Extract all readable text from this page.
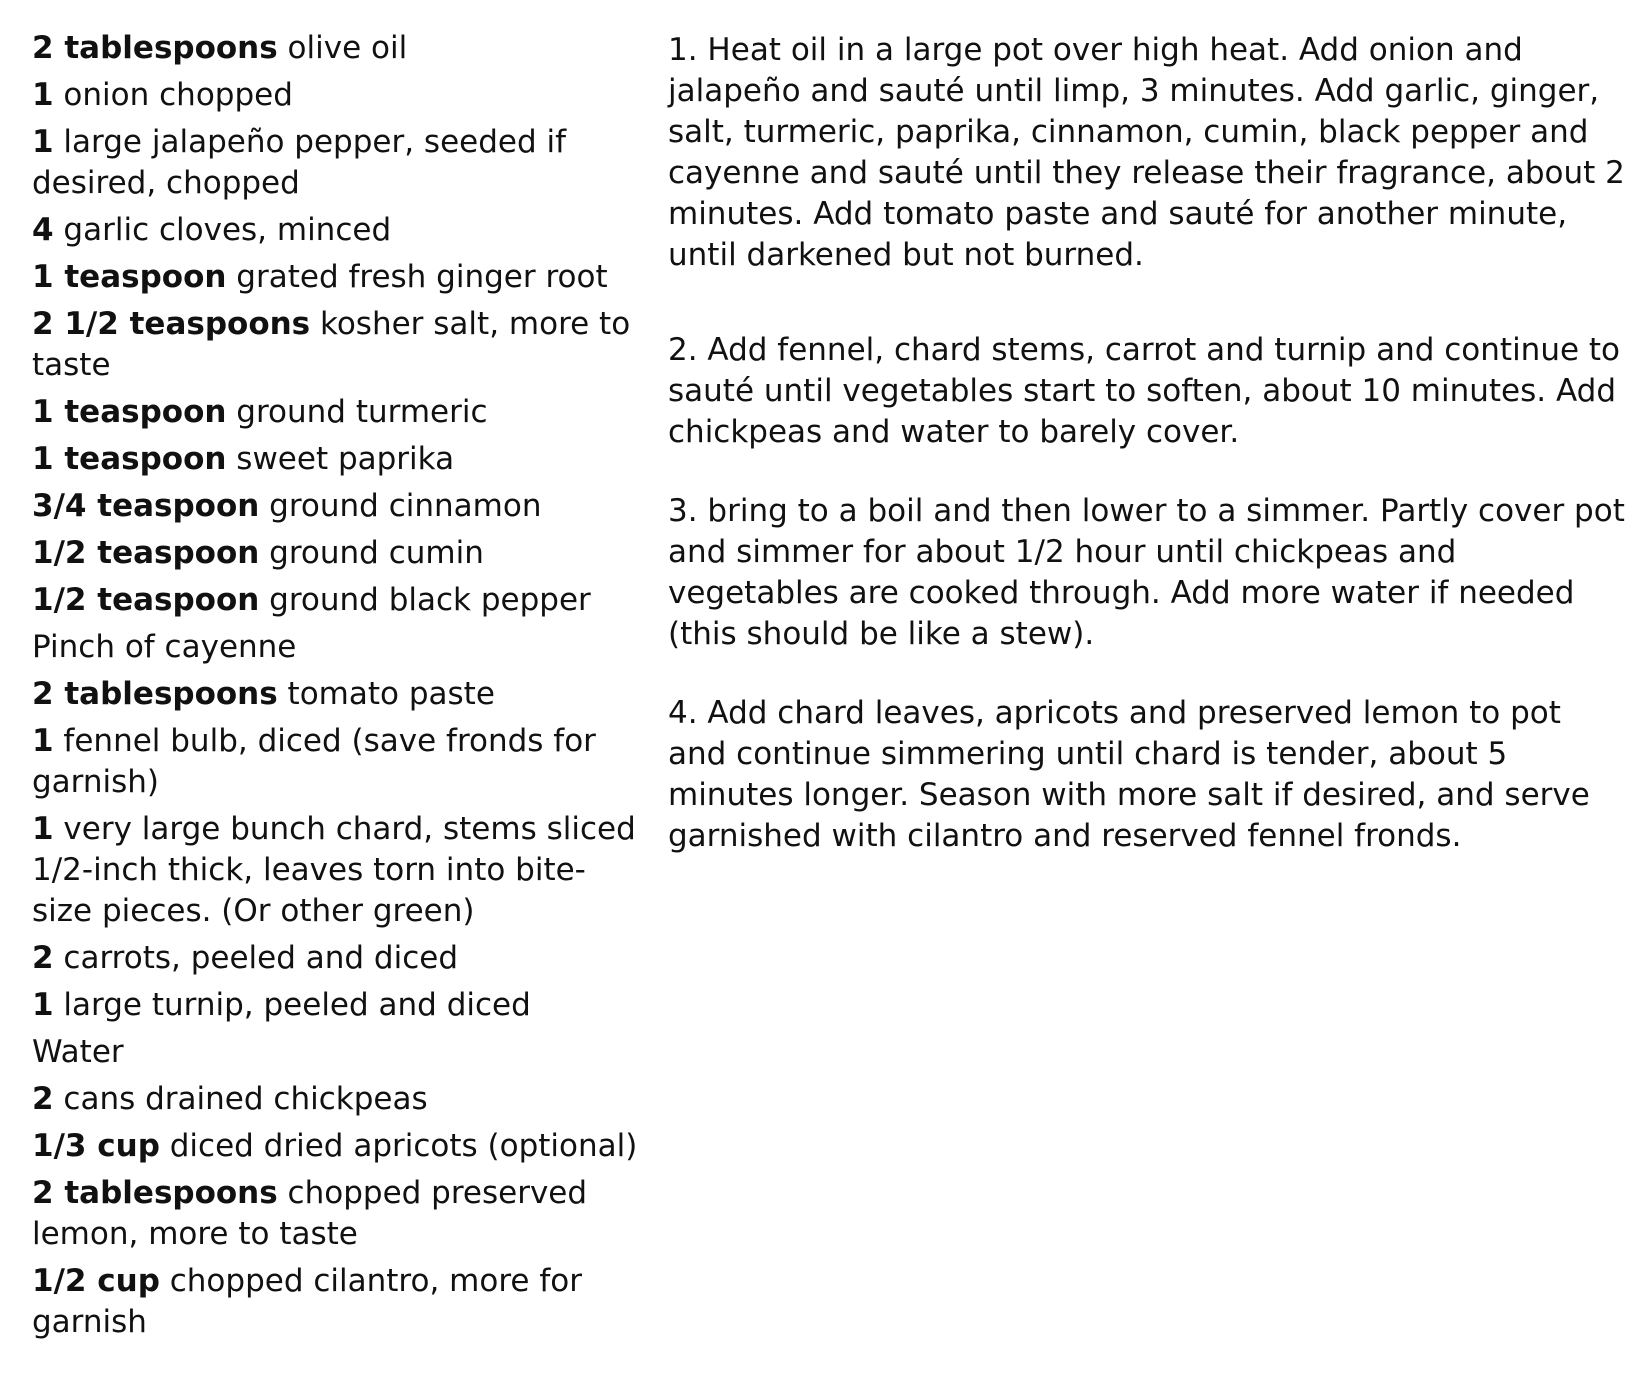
2 tablespoons olive oil
1 onion chopped
1 large jalapeño pepper, seeded if desired, chopped
4 garlic cloves, minced
1 teaspoon grated fresh ginger root
2 1/2 teaspoons kosher salt, more to taste
1 teaspoon ground turmeric
1 teaspoon sweet paprika
3/4 teaspoon ground cinnamon
1/2 teaspoon ground cumin
1/2 teaspoon ground black pepper
Pinch of cayenne
2 tablespoons tomato paste
1 fennel bulb, diced (save fronds for garnish)
1 very large bunch chard, stems sliced 1/2-inch thick, leaves torn into bite-size pieces. (Or other green)
2 carrots, peeled and diced
1 large turnip, peeled and diced
Water
2 cans drained chickpeas
1/3 cup diced dried apricots (optional)
2 tablespoons chopped preserved lemon, more to taste
1/2 cup chopped cilantro, more for garnish

1. Heat oil in a large pot over high heat. Add onion and jalapeño and sauté until limp, 3 minutes. Add garlic, ginger, salt, turmeric, paprika, cinnamon, cumin, black pepper and cayenne and sauté until they release their fragrance, about 2 minutes. Add tomato paste and sauté for another minute, until darkened but not burned.

2. Add fennel, chard stems, carrot and turnip and continue to sauté until vegetables start to soften, about 10 minutes. Add chickpeas and water to barely cover.

3. bring to a boil and then lower to a simmer. Partly cover pot and simmer for about 1/2 hour until chickpeas and vegetables are cooked through. Add more water if needed (this should be like a stew).

4. Add chard leaves, apricots and preserved lemon to pot and continue simmering until chard is tender, about 5 minutes longer. Season with more salt if desired, and serve garnished with cilantro and reserved fennel fronds.
